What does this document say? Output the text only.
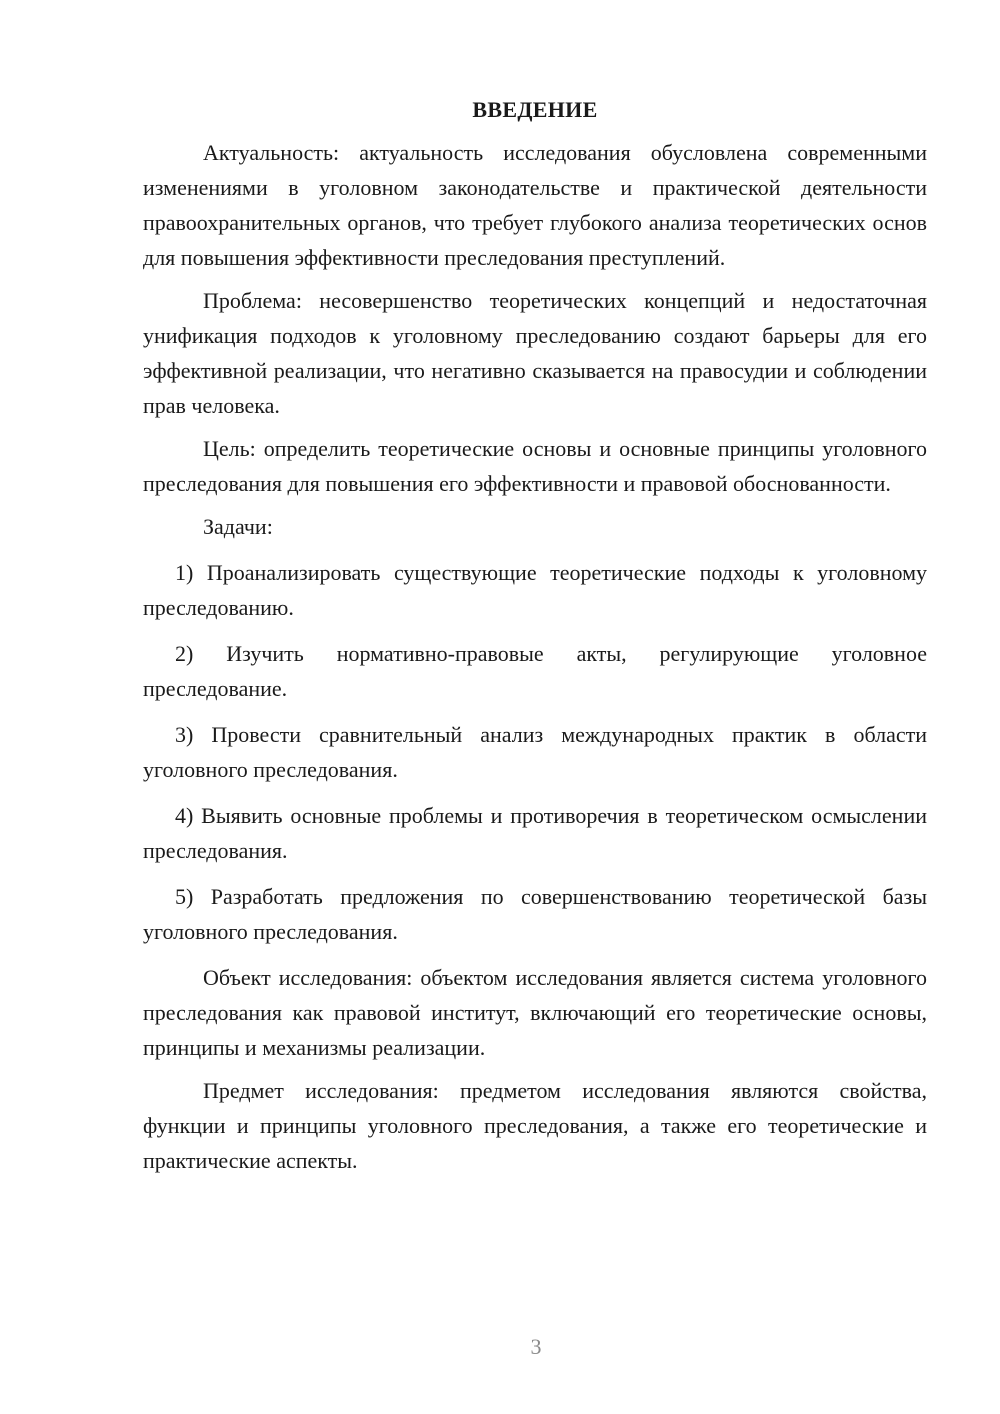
ВВЕДЕНИЕ

Актуальность: актуальность исследования обусловлена современными изменениями в уголовном законодательстве и практической деятельности правоохранительных органов, что требует глубокого анализа теоретических основ для повышения эффективности преследования преступлений.

Проблема: несовершенство теоретических концепций и недостаточная унификация подходов к уголовному преследованию создают барьеры для его эффективной реализации, что негативно сказывается на правосудии и соблюдении прав человека.

Цель: определить теоретические основы и основные принципы уголовного преследования для повышения его эффективности и правовой обоснованности.

Задачи:

1) Проанализировать существующие теоретические подходы к уголовному преследованию.

2) Изучить нормативно-правовые акты, регулирующие уголовное преследование.

3) Провести сравнительный анализ международных практик в области уголовного преследования.

4) Выявить основные проблемы и противоречия в теоретическом осмыслении преследования.

5) Разработать предложения по совершенствованию теоретической базы уголовного преследования.

Объект исследования: объектом исследования является система уголовного преследования как правовой институт, включающий его теоретические основы, принципы и механизмы реализации.

Предмет исследования: предметом исследования являются свойства, функции и принципы уголовного преследования, а также его теоретические и практические аспекты.

3
